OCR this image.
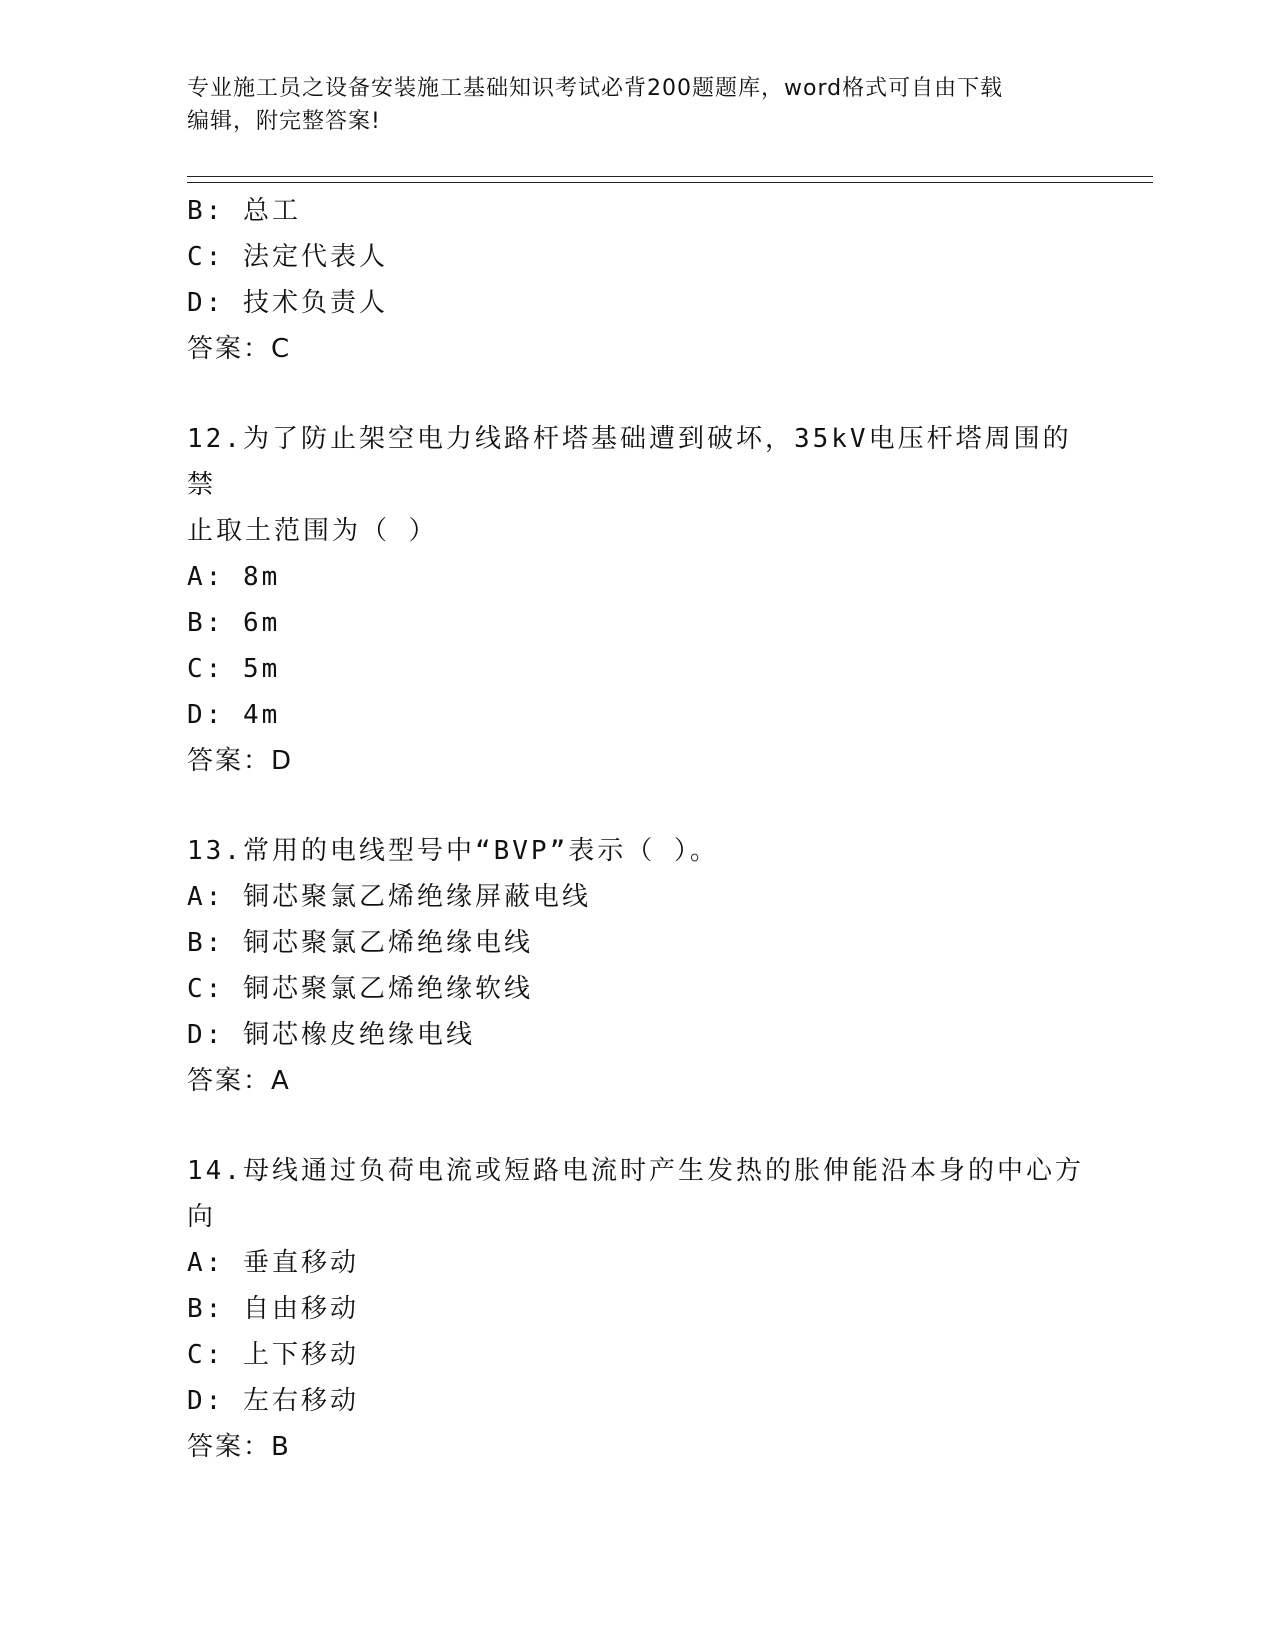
专业施工员之设备安装施工基础知识考试必背200题题库，word格式可自由下载
编辑，附完整答案!
B: 总工
C: 法定代表人
D: 技术负责人
答案：C
12.为了防止架空电力线路杆塔基础遭到破坏，35kV电压杆塔周围的禁
止取土范围为（ ）
A: 8m
B: 6m
C: 5m
D: 4m
答案：D
13.常用的电线型号中“BVP”表示（ ）。
A: 铜芯聚氯乙烯绝缘屏蔽电线
B: 铜芯聚氯乙烯绝缘电线
C: 铜芯聚氯乙烯绝缘软线
D: 铜芯橡皮绝缘电线
答案：A
14.母线通过负荷电流或短路电流时产生发热的胀伸能沿本身的中心方
向
A: 垂直移动
B: 自由移动
C: 上下移动
D: 左右移动
答案：B
